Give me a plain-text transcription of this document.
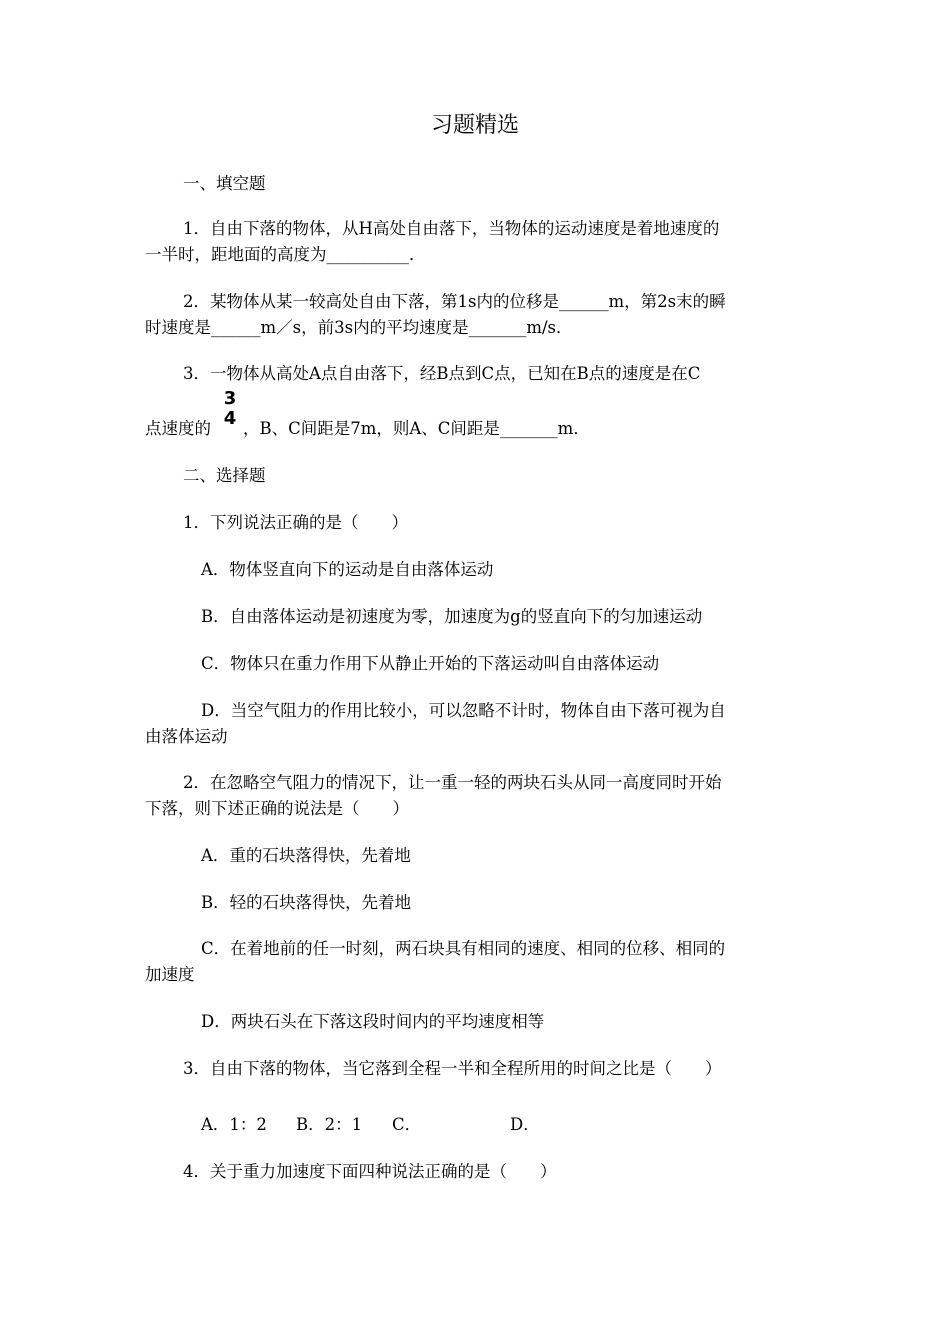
习题精选
一、填空题
1．自由下落的物体，从H高处自由落下，当物体的运动速度是着地速度的
一半时，距地面的高度为__________．
2．某物体从某一较高处自由下落，第1s内的位移是______m，第2s末的瞬
时速度是______m／s，前3s内的平均速度是_______m/s．
3．一物体从高处A点自由落下，经B点到C点，已知在B点的速度是在C
点速度的
3
4 ，B、C间距是7m，则A、C间距是_______m．
二、选择题
1．下列说法正确的是（　　）
A．物体竖直向下的运动是自由落体运动
B．自由落体运动是初速度为零，加速度为g的竖直向下的匀加速运动
C．物体只在重力作用下从静止开始的下落运动叫自由落体运动
D．当空气阻力的作用比较小，可以忽略不计时，物体自由下落可视为自
由落体运动
2．在忽略空气阻力的情况下，让一重一轻的两块石头从同一高度同时开始
下落，则下述正确的说法是（　　）
A．重的石块落得快，先着地
B．轻的石块落得快，先着地
C．在着地前的任一时刻，两石块具有相同的速度、相同的位移、相同的
加速度
D．两块石头在下落这段时间内的平均速度相等
3．自由下落的物体，当它落到全程一半和全程所用的时间之比是（　　）
A．1：2 B．2：1 C．	D．
4．关于重力加速度下面四种说法正确的是（　　）
